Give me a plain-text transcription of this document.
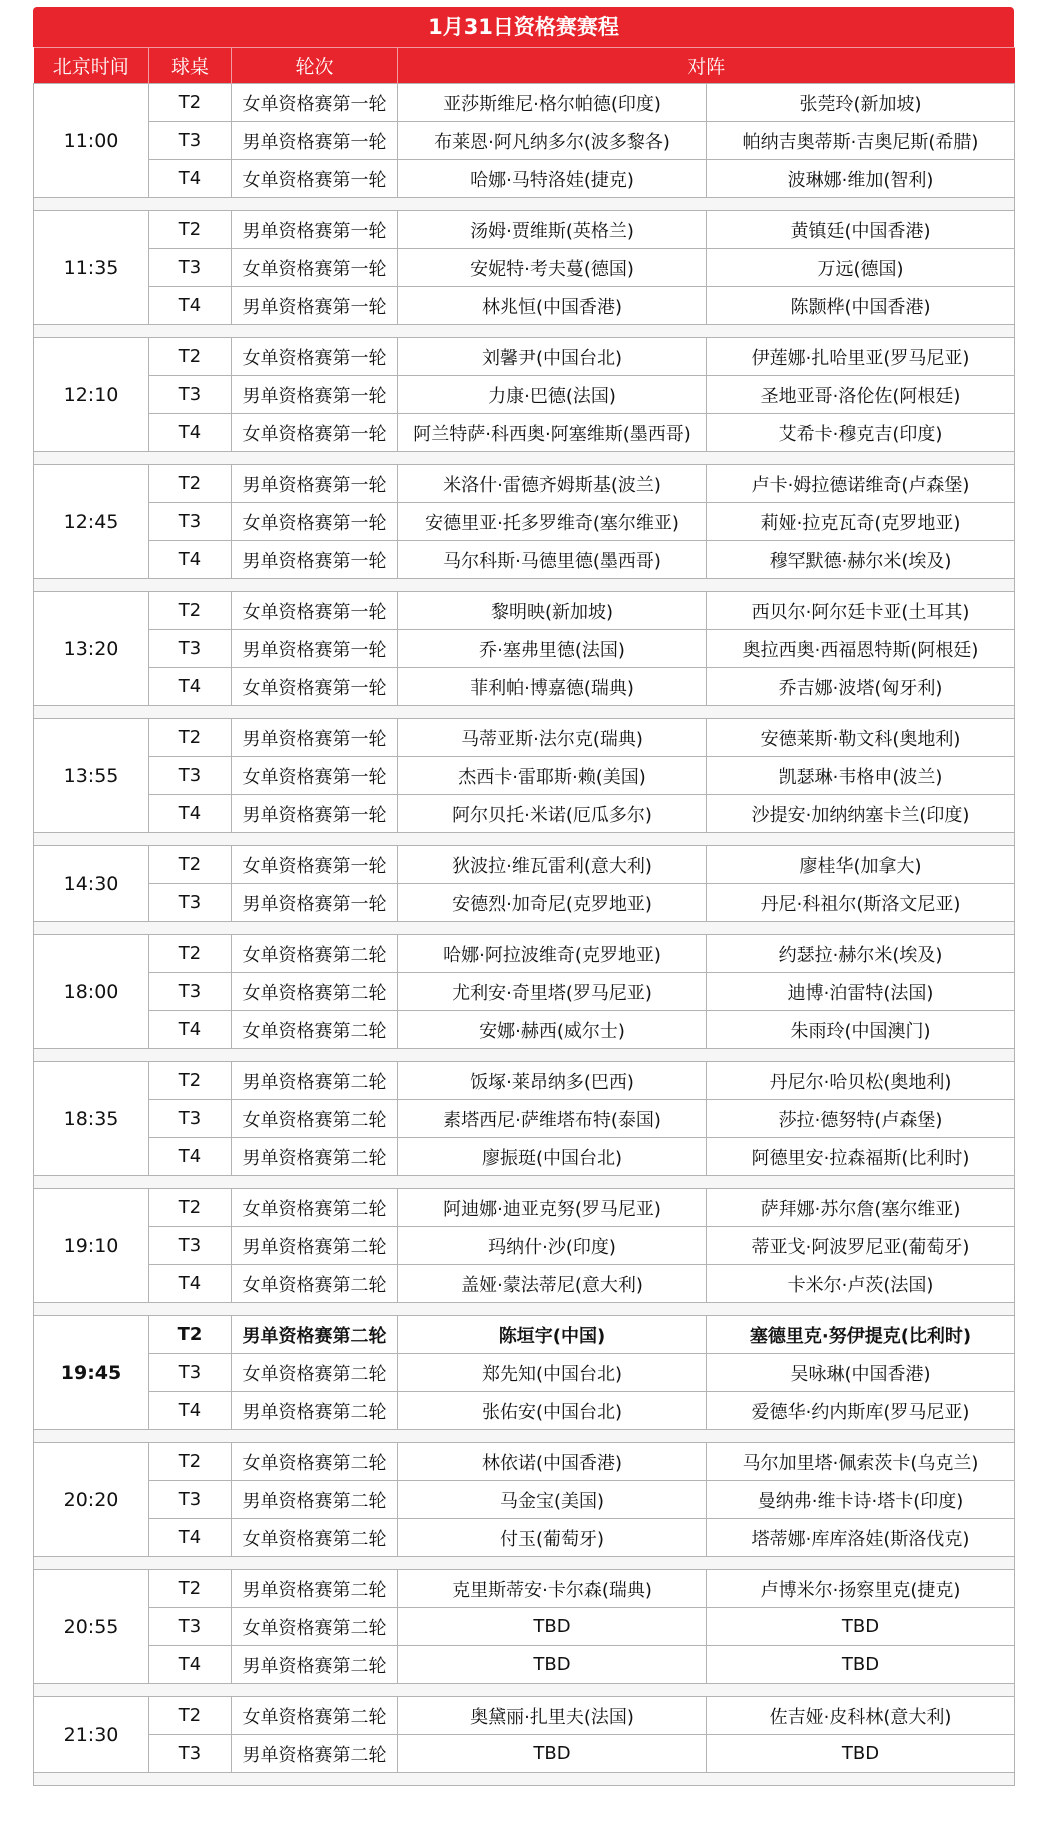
1月31日资格赛赛程
北京时间	球桌	轮次	对阵	
11:00	T2	女单资格赛第一轮	亚莎斯维尼·格尔帕德(印度)	张莞玲(新加坡)
	T3	男单资格赛第一轮	布莱恩·阿凡纳多尔(波多黎各)	帕纳吉奥蒂斯·吉奥尼斯(希腊)
	T4	女单资格赛第一轮	哈娜·马特洛娃(捷克)	波琳娜·维加(智利)

11:35	T2	男单资格赛第一轮	汤姆·贾维斯(英格兰)	黄镇廷(中国香港)
	T3	女单资格赛第一轮	安妮特·考夫蔓(德国)	万远(德国)
	T4	男单资格赛第一轮	林兆恒(中国香港)	陈颢桦(中国香港)

12:10	T2	女单资格赛第一轮	刘馨尹(中国台北)	伊莲娜·扎哈里亚(罗马尼亚)
	T3	男单资格赛第一轮	力康·巴德(法国)	圣地亚哥·洛伦佐(阿根廷)
	T4	女单资格赛第一轮	阿兰特萨·科西奥·阿塞维斯(墨西哥)	艾希卡·穆克吉(印度)

12:45	T2	男单资格赛第一轮	米洛什·雷德齐姆斯基(波兰)	卢卡·姆拉德诺维奇(卢森堡)
	T3	女单资格赛第一轮	安德里亚·托多罗维奇(塞尔维亚)	莉娅·拉克瓦奇(克罗地亚)
	T4	男单资格赛第一轮	马尔科斯·马德里德(墨西哥)	穆罕默德·赫尔米(埃及)

13:20	T2	女单资格赛第一轮	黎明映(新加坡)	西贝尔·阿尔廷卡亚(土耳其)
	T3	男单资格赛第一轮	乔·塞弗里德(法国)	奥拉西奥·西福恩特斯(阿根廷)
	T4	女单资格赛第一轮	菲利帕·博嘉德(瑞典)	乔吉娜·波塔(匈牙利)

13:55	T2	男单资格赛第一轮	马蒂亚斯·法尔克(瑞典)	安德莱斯·勒文科(奥地利)
	T3	女单资格赛第一轮	杰西卡·雷耶斯·赖(美国)	凯瑟琳·韦格申(波兰)
	T4	男单资格赛第一轮	阿尔贝托·米诺(厄瓜多尔)	沙提安·加纳纳塞卡兰(印度)

14:30	T2	女单资格赛第一轮	狄波拉·维瓦雷利(意大利)	廖桂华(加拿大)
	T3	男单资格赛第一轮	安德烈·加奇尼(克罗地亚)	丹尼·科祖尔(斯洛文尼亚)

18:00	T2	女单资格赛第二轮	哈娜·阿拉波维奇(克罗地亚)	约瑟拉·赫尔米(埃及)
	T3	女单资格赛第二轮	尤利安·奇里塔(罗马尼亚)	迪博·泊雷特(法国)
	T4	女单资格赛第二轮	安娜·赫西(威尔士)	朱雨玲(中国澳门)

18:35	T2	男单资格赛第二轮	饭塚·莱昂纳多(巴西)	丹尼尔·哈贝松(奥地利)
	T3	女单资格赛第二轮	素塔西尼·萨维塔布特(泰国)	莎拉·德努特(卢森堡)
	T4	男单资格赛第二轮	廖振珽(中国台北)	阿德里安·拉森福斯(比利时)

19:10	T2	女单资格赛第二轮	阿迪娜·迪亚克努(罗马尼亚)	萨拜娜·苏尔詹(塞尔维亚)
	T3	男单资格赛第二轮	玛纳什·沙(印度)	蒂亚戈·阿波罗尼亚(葡萄牙)
	T4	女单资格赛第二轮	盖娅·蒙法蒂尼(意大利)	卡米尔·卢茨(法国)

19:45	T2	男单资格赛第二轮	陈垣宇(中国)	塞德里克·努伊提克(比利时)
	T3	女单资格赛第二轮	郑先知(中国台北)	吴咏琳(中国香港)
	T4	男单资格赛第二轮	张佑安(中国台北)	爱德华·约内斯库(罗马尼亚)

20:20	T2	女单资格赛第二轮	林依诺(中国香港)	马尔加里塔·佩索茨卡(乌克兰)
	T3	男单资格赛第二轮	马金宝(美国)	曼纳弗·维卡诗·塔卡(印度)
	T4	女单资格赛第二轮	付玉(葡萄牙)	塔蒂娜·库库洛娃(斯洛伐克)

20:55	T2	男单资格赛第二轮	克里斯蒂安·卡尔森(瑞典)	卢博米尔·扬察里克(捷克)
	T3	女单资格赛第二轮	TBD	TBD
	T4	男单资格赛第二轮	TBD	TBD

21:30	T2	女单资格赛第二轮	奥黛丽·扎里夫(法国)	佐吉娅·皮科林(意大利)
	T3	男单资格赛第二轮	TBD	TBD
